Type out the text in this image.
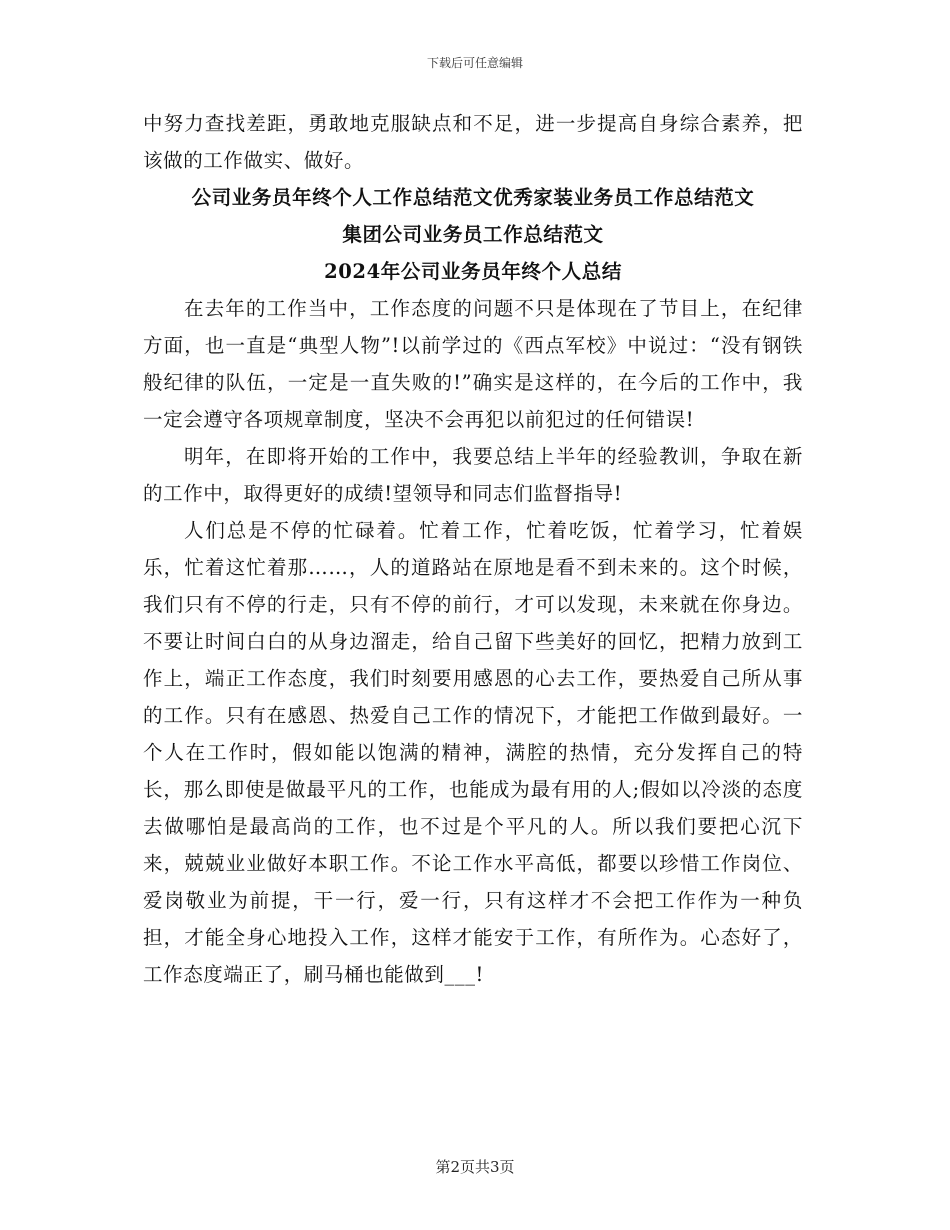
下载后可任意编辑

中努力查找差距，勇敢地克服缺点和不足，进一步提高自身综合素养，把该做的工作做实、做好。

公司业务员年终个人工作总结范文优秀家装业务员工作总结范文
集团公司业务员工作总结范文
2024年公司业务员年终个人总结

在去年的工作当中，工作态度的问题不只是体现在了节目上，在纪律方面，也一直是“典型人物”!以前学过的《西点军校》中说过：“没有钢铁般纪律的队伍，一定是一直失败的!”确实是这样的，在今后的工作中，我一定会遵守各项规章制度，坚决不会再犯以前犯过的任何错误!

明年，在即将开始的工作中，我要总结上半年的经验教训，争取在新的工作中，取得更好的成绩!望领导和同志们监督指导!

人们总是不停的忙碌着。忙着工作，忙着吃饭，忙着学习，忙着娱乐，忙着这忙着那……，人的道路站在原地是看不到未来的。这个时候，我们只有不停的行走，只有不停的前行，才可以发现，未来就在你身边。不要让时间白白的从身边溜走，给自己留下些美好的回忆，把精力放到工作上，端正工作态度，我们时刻要用感恩的心去工作，要热爱自己所从事的工作。只有在感恩、热爱自己工作的情况下，才能把工作做到最好。一个人在工作时，假如能以饱满的精神，满腔的热情，充分发挥自己的特长，那么即使是做最平凡的工作，也能成为最有用的人;假如以冷淡的态度去做哪怕是最高尚的工作，也不过是个平凡的人。所以我们要把心沉下来，兢兢业业做好本职工作。不论工作水平高低，都要以珍惜工作岗位、爱岗敬业为前提，干一行，爱一行，只有这样才不会把工作作为一种负担，才能全身心地投入工作，这样才能安于工作，有所作为。心态好了，工作态度端正了，刷马桶也能做到___!

第2页共3页
